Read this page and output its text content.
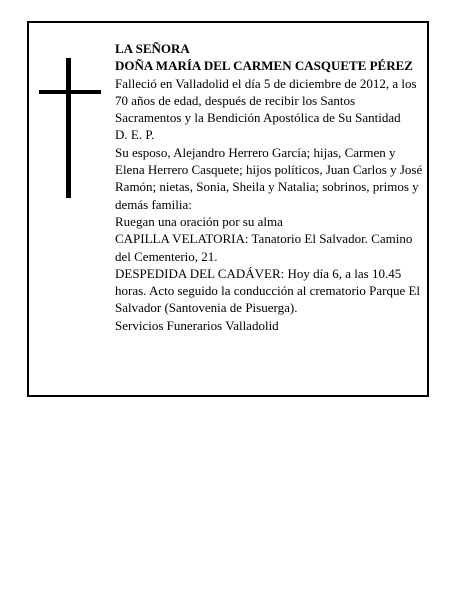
LA SEÑORA

DOÑA MARÍA DEL CARMEN CASQUETE PÉREZ

Falleció en Valladolid el día 5 de diciembre de 2012, a los 70 años de edad, después de recibir los Santos Sacramentos y la Bendición Apostólica de Su Santidad

D. E. P.

Su esposo, Alejandro Herrero García; hijas, Carmen y Elena Herrero Casquete; hijos políticos, Juan Carlos y José Ramón; nietas, Sonia, Sheila y Natalia; sobrinos, primos y demás familia:

Ruegan una oración por su alma

CAPILLA VELATORIA: Tanatorio El Salvador. Camino del Cementerio, 21.

DESPEDIDA DEL CADÁVER: Hoy día 6, a las 10.45 horas. Acto seguido la conducción al crematorio Parque El Salvador (Santovenia de Pisuerga).

Servicios Funerarios Valladolid
